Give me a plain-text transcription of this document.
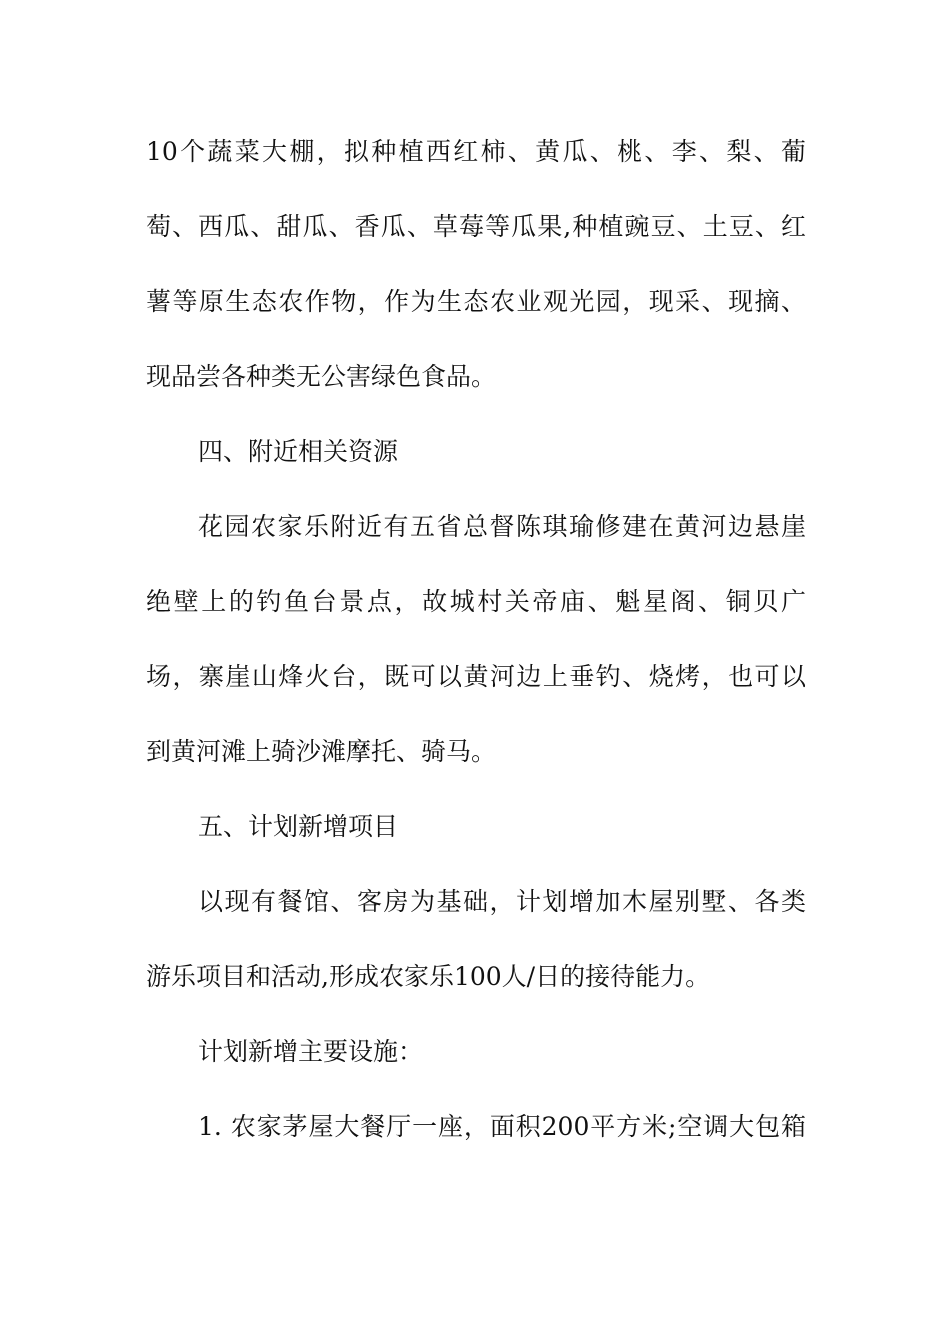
10个蔬菜大棚，拟种植西红柿、黄瓜、桃、李、梨、葡
萄、西瓜、甜瓜、香瓜、草莓等瓜果,种植豌豆、土豆、红
薯等原生态农作物，作为生态农业观光园，现采、现摘、
现品尝各种类无公害绿色食品。
四、附近相关资源
花园农家乐附近有五省总督陈琪瑜修建在黄河边悬崖
绝壁上的钓鱼台景点，故城村关帝庙、魁星阁、铜贝广
场，寨崖山烽火台，既可以黄河边上垂钓、烧烤，也可以
到黄河滩上骑沙滩摩托、骑马。
五、计划新增项目
以现有餐馆、客房为基础，计划增加木屋别墅、各类
游乐项目和活动,形成农家乐100人/日的接待能力。
计划新增主要设施：
1. 农家茅屋大餐厅一座，面积200平方米;空调大包箱
